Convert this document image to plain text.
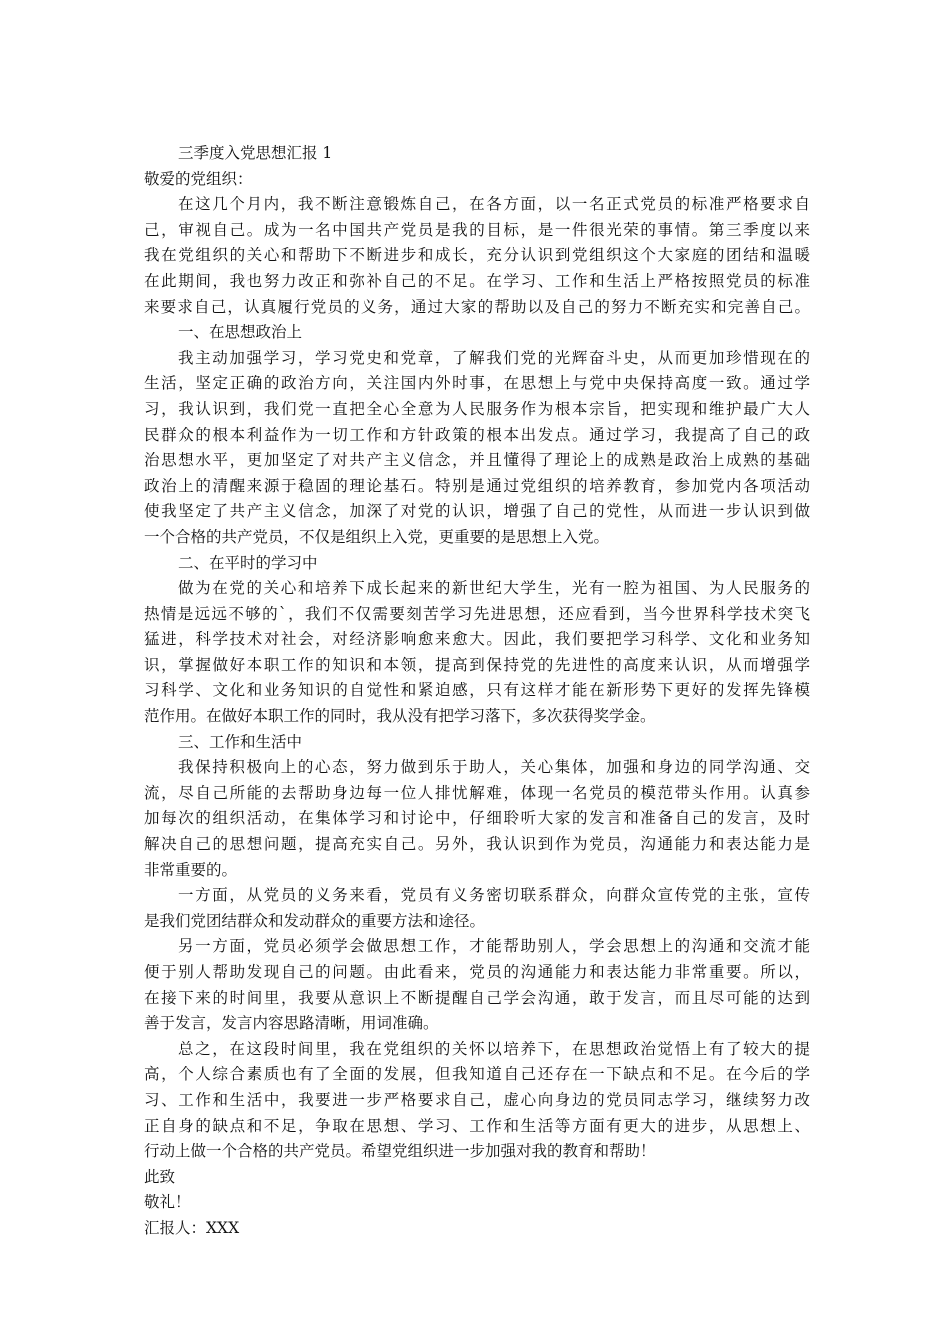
三季度入党思想汇报 1

敬爱的党组织：

在这几个月内，我不断注意锻炼自己，在各方面，以一名正式党员的标准严格要求自

己，审视自己。成为一名中国共产党员是我的目标，是一件很光荣的事情。第三季度以来

我在党组织的关心和帮助下不断进步和成长，充分认识到党组织这个大家庭的团结和温暖

在此期间，我也努力改正和弥补自己的不足。在学习、工作和生活上严格按照党员的标准

来要求自己，认真履行党员的义务，通过大家的帮助以及自己的努力不断充实和完善自己。

一、在思想政治上

我主动加强学习，学习党史和党章，了解我们党的光辉奋斗史，从而更加珍惜现在的

生活，坚定正确的政治方向，关注国内外时事，在思想上与党中央保持高度一致。通过学

习，我认识到，我们党一直把全心全意为人民服务作为根本宗旨，把实现和维护最广大人

民群众的根本利益作为一切工作和方针政策的根本出发点。通过学习，我提高了自己的政

治思想水平，更加坚定了对共产主义信念，并且懂得了理论上的成熟是政治上成熟的基础

政治上的清醒来源于稳固的理论基石。特别是通过党组织的培养教育，参加党内各项活动

使我坚定了共产主义信念，加深了对党的认识，增强了自己的党性，从而进一步认识到做

一个合格的共产党员，不仅是组织上入党，更重要的是思想上入党。

二、在平时的学习中

做为在党的关心和培养下成长起来的新世纪大学生，光有一腔为祖国、为人民服务的

热情是远远不够的`，我们不仅需要刻苦学习先进思想，还应看到，当今世界科学技术突飞

猛进，科学技术对社会，对经济影响愈来愈大。因此，我们要把学习科学、文化和业务知

识，掌握做好本职工作的知识和本领，提高到保持党的先进性的高度来认识，从而增强学

习科学、文化和业务知识的自觉性和紧迫感，只有这样才能在新形势下更好的发挥先锋模

范作用。在做好本职工作的同时，我从没有把学习落下，多次获得奖学金。

三、工作和生活中

我保持积极向上的心态，努力做到乐于助人，关心集体，加强和身边的同学沟通、交

流，尽自己所能的去帮助身边每一位人排忧解难，体现一名党员的模范带头作用。认真参

加每次的组织活动，在集体学习和讨论中，仔细聆听大家的发言和准备自己的发言，及时

解决自己的思想问题，提高充实自己。另外，我认识到作为党员，沟通能力和表达能力是

非常重要的。

一方面，从党员的义务来看，党员有义务密切联系群众，向群众宣传党的主张，宣传

是我们党团结群众和发动群众的重要方法和途径。

另一方面，党员必须学会做思想工作，才能帮助别人，学会思想上的沟通和交流才能

便于别人帮助发现自己的问题。由此看来，党员的沟通能力和表达能力非常重要。所以，

在接下来的时间里，我要从意识上不断提醒自己学会沟通，敢于发言，而且尽可能的达到

善于发言，发言内容思路清晰，用词准确。

总之，在这段时间里，我在党组织的关怀以培养下，在思想政治觉悟上有了较大的提

高，个人综合素质也有了全面的发展，但我知道自己还存在一下缺点和不足。在今后的学

习、工作和生活中，我要进一步严格要求自己，虚心向身边的党员同志学习，继续努力改

正自身的缺点和不足，争取在思想、学习、工作和生活等方面有更大的进步，从思想上、

行动上做一个合格的共产党员。希望党组织进一步加强对我的教育和帮助！

此致

敬礼！

汇报人：XXX
